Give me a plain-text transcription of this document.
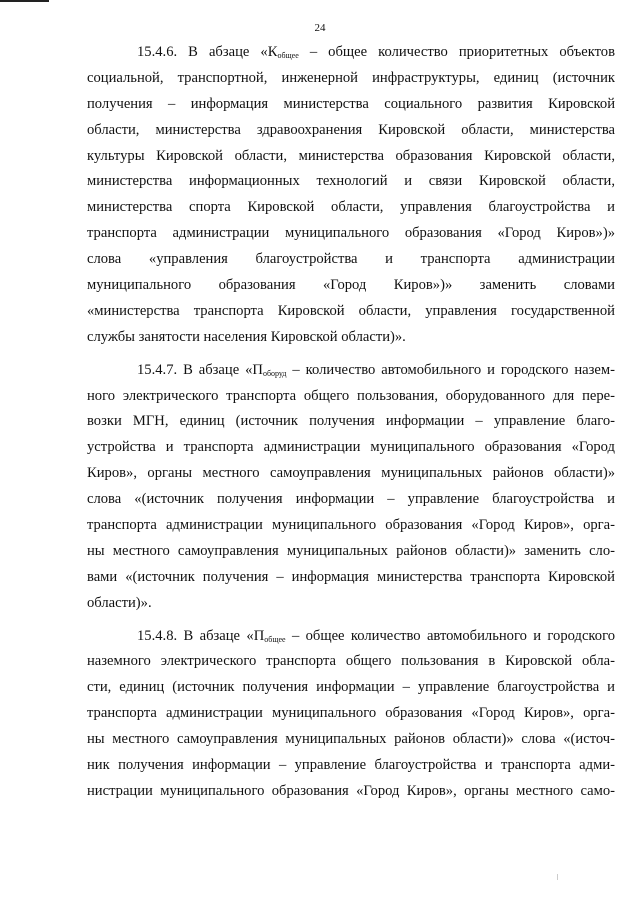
24

15.4.6. В абзаце «$К_{общее}$ – общее количество приоритетных объектов
социальной, транспортной, инженерной инфраструктуры, единиц (источник
получения – информация министерства социального развития Кировской
области, министерства здравоохранения Кировской области, министерства
культуры Кировской области, министерства образования Кировской области,
министерства информационных технологий и связи Кировской области,
министерства спорта Кировской области, управления благоустройства и
транспорта администрации муниципального образования «Город Киров»)»
слова «управления благоустройства и транспорта администрации
муниципального образования «Город Киров»)» заменить словами
«министерства транспорта Кировской области, управления государственной
службы занятости населения Кировской области)».

15.4.7. В абзаце «$П_{оборуд}$ – количество автомобильного и городского назем-
ного электрического транспорта общего пользования, оборудованного для пере-
возки МГН, единиц (источник получения информации – управление благо-
устройства и транспорта администрации муниципального образования «Город
Киров», органы местного самоуправления муниципальных районов области)»
слова «(источник получения информации – управление благоустройства и
транспорта администрации муниципального образования «Город Киров», орга-
ны местного самоуправления муниципальных районов области)» заменить сло-
вами «(источник получения – информация министерства транспорта Кировской
области)».

15.4.8. В абзаце «$П_{общее}$ – общее количество автомобильного и городского
наземного электрического транспорта общего пользования в Кировской обла-
сти, единиц (источник получения информации – управление благоустройства и
транспорта администрации муниципального образования «Город Киров», орга-
ны местного самоуправления муниципальных районов области)» слова «(источ-
ник получения информации – управление благоустройства и транспорта адми-
нистрации муниципального образования «Город Киров», органы местного само-
